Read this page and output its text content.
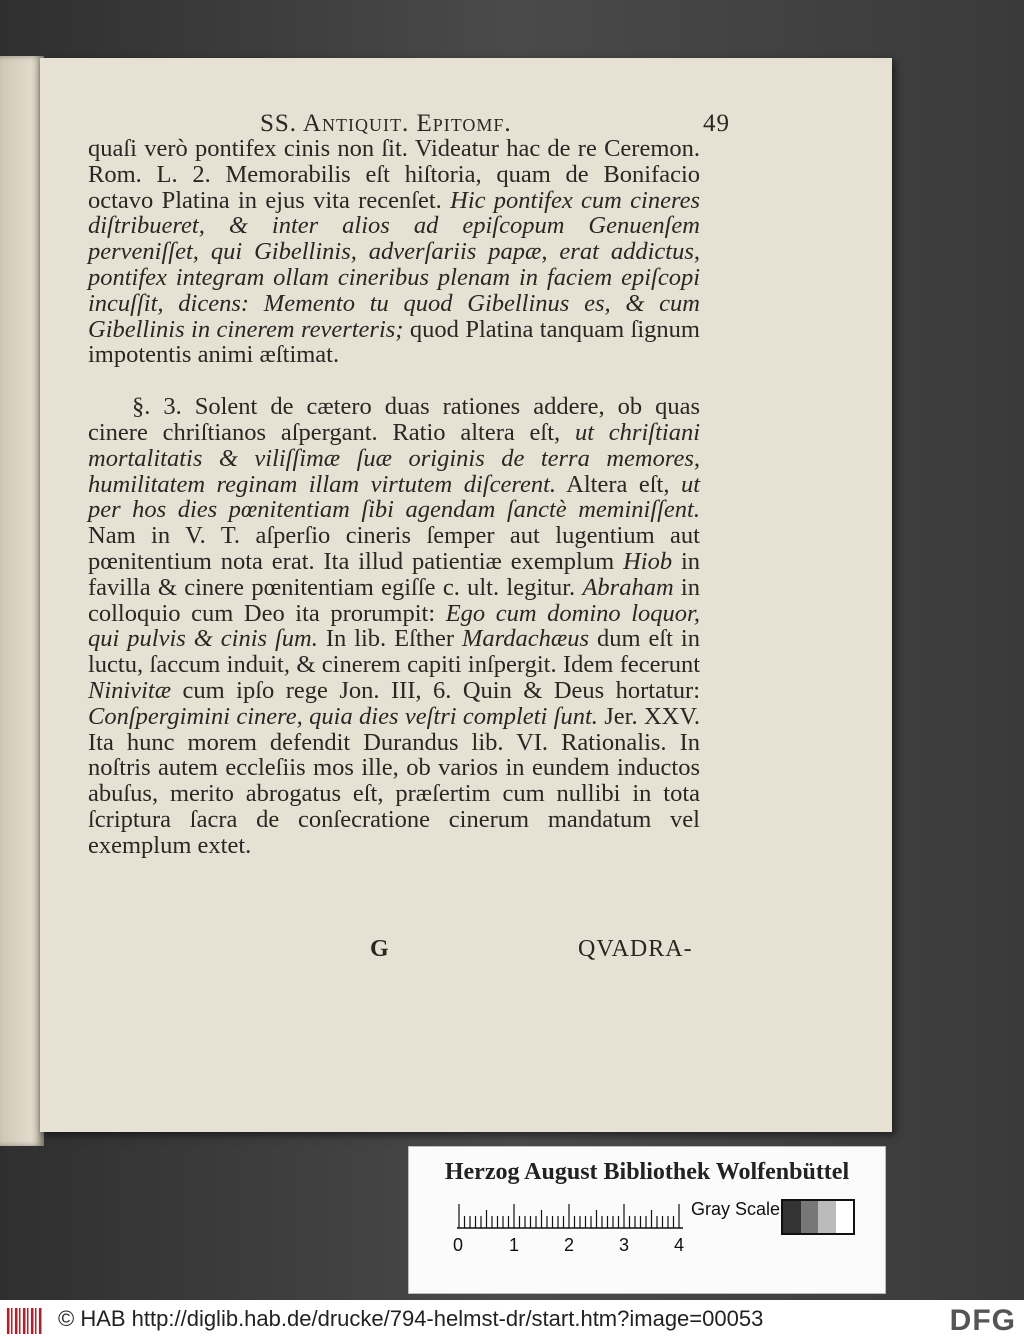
SS. Antiquit. Epitomf.	49

quaſi verò pontifex cinis non ſit. Videatur hac de re Ceremon. Rom. L. 2. Memorabilis eſt hiſtoria, quam de Bonifacio octavo Platina in ejus vita recenſet. Hic pontifex cum cineres diſtribueret, & inter alios ad epiſcopum Genuenſem perveniſſet, qui Gibellinis, adverſariis papæ, erat addictus, pontifex integram ollam cineribus plenam in faciem epiſcopi incuſſit, dicens: Memento tu quod Gibellinus es, & cum Gibellinis in cinerem reverteris; quod Platina tanquam ſignum impotentis animi æſtimat.

§. 3. Solent de cætero duas rationes addere, ob quas cinere chriſtianos aſpergant. Ratio altera eſt, ut chriſtiani mortalitatis & viliſſimæ ſuæ originis de terra memores, humilitatem reginam illam virtutem diſcerent. Altera eſt, ut per hos dies pœnitentiam ſibi agendam ſanctè meminiſſent. Nam in V. T. aſperſio cineris ſemper aut lugentium aut pœnitentium nota erat. Ita illud patientiæ exemplum Hiob in favilla & cinere pœnitentiam egiſſe c. ult. legitur. Abraham in colloquio cum Deo ita prorumpit: Ego cum domino loquor, qui pulvis & cinis ſum. In lib. Eſther Mardachæus dum eſt in luctu, ſaccum induit, & cinerem capiti inſpergit. Idem fecerunt Ninivitæ cum ipſo rege Jon. III, 6. Quin & Deus hortatur: Conſpergimini cinere, quia dies veſtri completi ſunt. Jer. XXV. Ita hunc morem defendit Durandus lib. VI. Rationalis. In noſtris autem eccleſiis mos ille, ob varios in eundem inductos abuſus, merito abrogatus eſt, præſertim cum nullibi in tota ſcriptura ſacra de conſecratione cinerum mandatum vel exemplum extet.

G	QVADRA-
Herzog August Bibliothek Wolfenbüttel
0	1 2 3 4
Gray Scale
© HAB http://diglib.hab.de/drucke/794-helmst-dr/start.htm?image=00053	DFG
